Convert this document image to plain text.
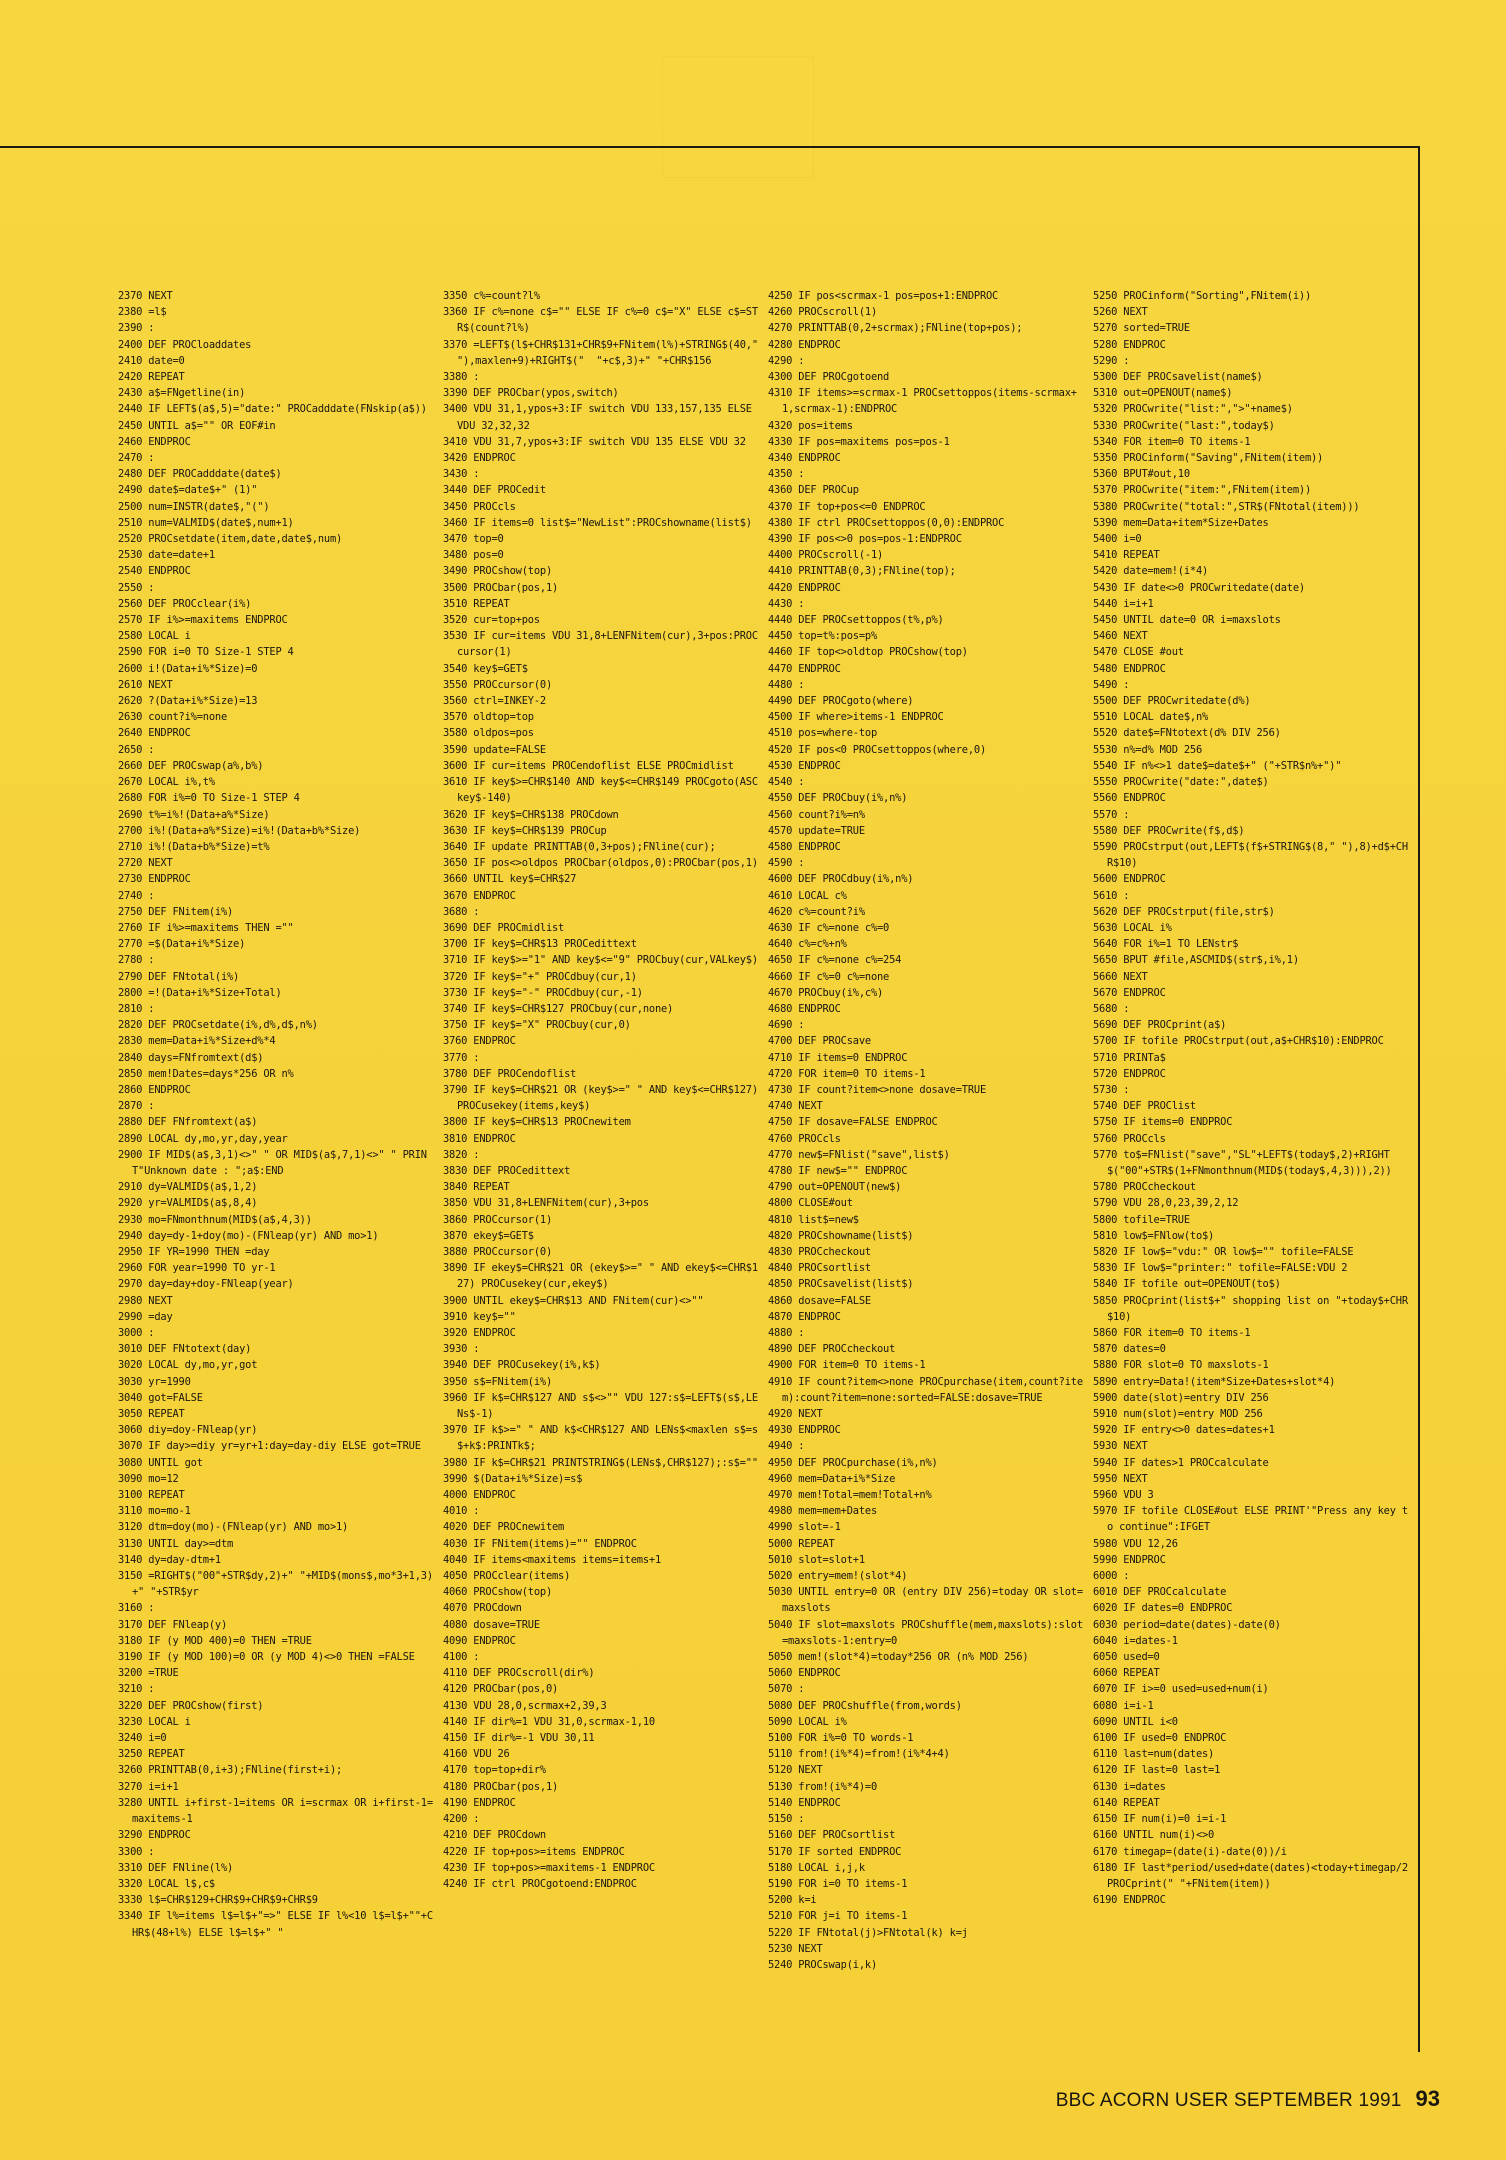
2370 NEXT
2380 =l$
2390 :
2400 DEF PROCloaddates
2410 date=0
2420 REPEAT
2430 a$=FNgetline(in)
2440 IF LEFT$(a$,5)="date:" PROCadddate(FNskip(a$))
2450 UNTIL a$="" OR EOF#in
2460 ENDPROC
2470 :
2480 DEF PROCadddate(date$)
2490 date$=date$+" (1)"
2500 num=INSTR(date$,"(")
2510 num=VALMID$(date$,num+1)
2520 PROCsetdate(item,date,date$,num)
2530 date=date+1
2540 ENDPROC
2550 :
2560 DEF PROCclear(i%)
2570 IF i%>=maxitems ENDPROC
2580 LOCAL i
2590 FOR i=0 TO Size-1 STEP 4
2600 i!(Data+i%*Size)=0
2610 NEXT
2620 ?(Data+i%*Size)=13
2630 count?i%=none
2640 ENDPROC
2650 :
2660 DEF PROCswap(a%,b%)
2670 LOCAL i%,t%
2680 FOR i%=0 TO Size-1 STEP 4
2690 t%=i%!(Data+a%*Size)
2700 i%!(Data+a%*Size)=i%!(Data+b%*Size)
2710 i%!(Data+b%*Size)=t%
2720 NEXT
2730 ENDPROC
2740 :
2750 DEF FNitem(i%)
2760 IF i%>=maxitems THEN =""
2770 =$(Data+i%*Size)
2780 :
2790 DEF FNtotal(i%)
2800 =!(Data+i%*Size+Total)
2810 :
2820 DEF PROCsetdate(i%,d%,d$,n%)
2830 mem=Data+i%*Size+d%*4
2840 days=FNfromtext(d$)
2850 mem!Dates=days*256 OR n%
2860 ENDPROC
2870 :
2880 DEF FNfromtext(a$)
2890 LOCAL dy,mo,yr,day,year
2900 IF MID$(a$,3,1)<>" " OR MID$(a$,7,1)<>" " PRINT"Unknown date : ";a$:END
2910 dy=VALMID$(a$,1,2)
2920 yr=VALMID$(a$,8,4)
2930 mo=FNmonthnum(MID$(a$,4,3))
2940 day=dy-1+doy(mo)-(FNleap(yr) AND mo>1)
2950 IF YR=1990 THEN =day
2960 FOR year=1990 TO yr-1
2970 day=day+doy-FNleap(year)
2980 NEXT
2990 =day
3000 :
3010 DEF FNtotext(day)
3020 LOCAL dy,mo,yr,got
3030 yr=1990
3040 got=FALSE
3050 REPEAT
3060 diy=doy-FNleap(yr)
3070 IF day>=diy yr=yr+1:day=day-diy ELSE got=TRUE
3080 UNTIL got
3090 mo=12
3100 REPEAT
3110 mo=mo-1
3120 dtm=doy(mo)-(FNleap(yr) AND mo>1)
3130 UNTIL day>=dtm
3140 dy=day-dtm+1
3150 =RIGHT$("00"+STR$dy,2)+" "+MID$(mons$,mo*3+1,3)+" "+STR$yr
3160 :
3170 DEF FNleap(y)
3180 IF (y MOD 400)=0 THEN =TRUE
3190 IF (y MOD 100)=0 OR (y MOD 4)<>0 THEN =FALSE
3200 =TRUE
3210 :
3220 DEF PROCshow(first)
3230 LOCAL i
3240 i=0
3250 REPEAT
3260 PRINTTAB(0,i+3);FNline(first+i);
3270 i=i+1
3280 UNTIL i+first-1=items OR i=scrmax OR i+first-1=maxitems-1
3290 ENDPROC
3300 :
3310 DEF FNline(l%)
3320 LOCAL l$,c$
3330 l$=CHR$129+CHR$9+CHR$9+CHR$9
3340 IF l%=items l$=l$+"=>" ELSE IF l%<10 l$=l$+""+CHR$(48+l%) ELSE l$=l$+" "
3350 c%=count?l%
3360 IF c%=none c$="" ELSE IF c%=0 c$="X" ELSE c$=STR$(count?l%)
3370 =LEFT$(l$+CHR$131+CHR$9+FNitem(l%)+STRING$(40," "),maxlen+9)+RIGHT$("  "+c$,3)+" "+CHR$156
3380 :
3390 DEF PROCbar(ypos,switch)
3400 VDU 31,1,ypos+3:IF switch VDU 133,157,135 ELSE VDU 32,32,32
3410 VDU 31,7,ypos+3:IF switch VDU 135 ELSE VDU 32
3420 ENDPROC
3430 :
3440 DEF PROCedit
3450 PROCcls
3460 IF items=0 list$="NewList":PROCshowname(list$)
3470 top=0
3480 pos=0
3490 PROCshow(top)
3500 PROCbar(pos,1)
3510 REPEAT
3520 cur=top+pos
3530 IF cur=items VDU 31,8+LENFNitem(cur),3+pos:PROCcursor(1)
3540 key$=GET$
3550 PROCcursor(0)
3560 ctrl=INKEY-2
3570 oldtop=top
3580 oldpos=pos
3590 update=FALSE
3600 IF cur=items PROCendoflist ELSE PROCmidlist
3610 IF key$>=CHR$140 AND key$<=CHR$149 PROCgoto(ASCkey$-140)
3620 IF key$=CHR$138 PROCdown
3630 IF key$=CHR$139 PROCup
3640 IF update PRINTTAB(0,3+pos);FNline(cur);
3650 IF pos<>oldpos PROCbar(oldpos,0):PROCbar(pos,1)
3660 UNTIL key$=CHR$27
3670 ENDPROC
3680 :
3690 DEF PROCmidlist
3700 IF key$=CHR$13 PROCedittext
3710 IF key$>="1" AND key$<="9" PROCbuy(cur,VALkey$)
3720 IF key$="+" PROCdbuy(cur,1)
3730 IF key$="-" PROCdbuy(cur,-1)
3740 IF key$=CHR$127 PROCbuy(cur,none)
3750 IF key$="X" PROCbuy(cur,0)
3760 ENDPROC
3770 :
3780 DEF PROCendoflist
3790 IF key$=CHR$21 OR (key$>=" " AND key$<=CHR$127) PROCusekey(items,key$)
3800 IF key$=CHR$13 PROCnewitem
3810 ENDPROC
3820 :
3830 DEF PROCedittext
3840 REPEAT
3850 VDU 31,8+LENFNitem(cur),3+pos
3860 PROCcursor(1)
3870 ekey$=GET$
3880 PROCcursor(0)
3890 IF ekey$=CHR$21 OR (ekey$>=" " AND ekey$<=CHR$127) PROCusekey(cur,ekey$)
3900 UNTIL ekey$=CHR$13 AND FNitem(cur)<>""
3910 key$=""
3920 ENDPROC
3930 :
3940 DEF PROCusekey(i%,k$)
3950 s$=FNitem(i%)
3960 IF k$=CHR$127 AND s$<>"" VDU 127:s$=LEFT$(s$,LENs$-1)
3970 IF k$>=" " AND k$<CHR$127 AND LENs$<maxlen s$=s$+k$:PRINTk$;
3980 IF k$=CHR$21 PRINTSTRING$(LENs$,CHR$127);:s$=""
3990 $(Data+i%*Size)=s$
4000 ENDPROC
4010 :
4020 DEF PROCnewitem
4030 IF FNitem(items)="" ENDPROC
4040 IF items<maxitems items=items+1
4050 PROCclear(items)
4060 PROCshow(top)
4070 PROCdown
4080 dosave=TRUE
4090 ENDPROC
4100 :
4110 DEF PROCscroll(dir%)
4120 PROCbar(pos,0)
4130 VDU 28,0,scrmax+2,39,3
4140 IF dir%=1 VDU 31,0,scrmax-1,10
4150 IF dir%=-1 VDU 30,11
4160 VDU 26
4170 top=top+dir%
4180 PROCbar(pos,1)
4190 ENDPROC
4200 :
4210 DEF PROCdown
4220 IF top+pos>=items ENDPROC
4230 IF top+pos>=maxitems-1 ENDPROC
4240 IF ctrl PROCgotoend:ENDPROC
4250 IF pos<scrmax-1 pos=pos+1:ENDPROC
4260 PROCscroll(1)
4270 PRINTTAB(0,2+scrmax);FNline(top+pos);
4280 ENDPROC
4290 :
4300 DEF PROCgotoend
4310 IF items>=scrmax-1 PROCsettoppos(items-scrmax+1,scrmax-1):ENDPROC
4320 pos=items
4330 IF pos=maxitems pos=pos-1
4340 ENDPROC
4350 :
4360 DEF PROCup
4370 IF top+pos<=0 ENDPROC
4380 IF ctrl PROCsettoppos(0,0):ENDPROC
4390 IF pos<>0 pos=pos-1:ENDPROC
4400 PROCscroll(-1)
4410 PRINTTAB(0,3);FNline(top);
4420 ENDPROC
4430 :
4440 DEF PROCsettoppos(t%,p%)
4450 top=t%:pos=p%
4460 IF top<>oldtop PROCshow(top)
4470 ENDPROC
4480 :
4490 DEF PROCgoto(where)
4500 IF where>items-1 ENDPROC
4510 pos=where-top
4520 IF pos<0 PROCsettoppos(where,0)
4530 ENDPROC
4540 :
4550 DEF PROCbuy(i%,n%)
4560 count?i%=n%
4570 update=TRUE
4580 ENDPROC
4590 :
4600 DEF PROCdbuy(i%,n%)
4610 LOCAL c%
4620 c%=count?i%
4630 IF c%=none c%=0
4640 c%=c%+n%
4650 IF c%=none c%=254
4660 IF c%=0 c%=none
4670 PROCbuy(i%,c%)
4680 ENDPROC
4690 :
4700 DEF PROCsave
4710 IF items=0 ENDPROC
4720 FOR item=0 TO items-1
4730 IF count?item<>none dosave=TRUE
4740 NEXT
4750 IF dosave=FALSE ENDPROC
4760 PROCcls
4770 new$=FNlist("save",list$)
4780 IF new$="" ENDPROC
4790 out=OPENOUT(new$)
4800 CLOSE#out
4810 list$=new$
4820 PROCshowname(list$)
4830 PROCcheckout
4840 PROCsortlist
4850 PROCsavelist(list$)
4860 dosave=FALSE
4870 ENDPROC
4880 :
4890 DEF PROCcheckout
4900 FOR item=0 TO items-1
4910 IF count?item<>none PROCpurchase(item,count?item):count?item=none:sorted=FALSE:dosave=TRUE
4920 NEXT
4930 ENDPROC
4940 :
4950 DEF PROCpurchase(i%,n%)
4960 mem=Data+i%*Size
4970 mem!Total=mem!Total+n%
4980 mem=mem+Dates
4990 slot=-1
5000 REPEAT
5010 slot=slot+1
5020 entry=mem!(slot*4)
5030 UNTIL entry=0 OR (entry DIV 256)=today OR slot=maxslots
5040 IF slot=maxslots PROCshuffle(mem,maxslots):slot=maxslots-1:entry=0
5050 mem!(slot*4)=today*256 OR (n% MOD 256)
5060 ENDPROC
5070 :
5080 DEF PROCshuffle(from,words)
5090 LOCAL i%
5100 FOR i%=0 TO words-1
5110 from!(i%*4)=from!(i%*4+4)
5120 NEXT
5130 from!(i%*4)=0
5140 ENDPROC
5150 :
5160 DEF PROCsortlist
5170 IF sorted ENDPROC
5180 LOCAL i,j,k
5190 FOR i=0 TO items-1
5200 k=i
5210 FOR j=i TO items-1
5220 IF FNtotal(j)>FNtotal(k) k=j
5230 NEXT
5240 PROCswap(i,k)
5250 PROCinform("Sorting",FNitem(i))
5260 NEXT
5270 sorted=TRUE
5280 ENDPROC
5290 :
5300 DEF PROCsavelist(name$)
5310 out=OPENOUT(name$)
5320 PROCwrite("list:",">"+name$)
5330 PROCwrite("last:",today$)
5340 FOR item=0 TO items-1
5350 PROCinform("Saving",FNitem(item))
5360 BPUT#out,10
5370 PROCwrite("item:",FNitem(item))
5380 PROCwrite("total:",STR$(FNtotal(item)))
5390 mem=Data+item*Size+Dates
5400 i=0
5410 REPEAT
5420 date=mem!(i*4)
5430 IF date<>0 PROCwritedate(date)
5440 i=i+1
5450 UNTIL date=0 OR i=maxslots
5460 NEXT
5470 CLOSE #out
5480 ENDPROC
5490 :
5500 DEF PROCwritedate(d%)
5510 LOCAL date$,n%
5520 date$=FNtotext(d% DIV 256)
5530 n%=d% MOD 256
5540 IF n%<>1 date$=date$+" ("+STR$n%+")"
5550 PROCwrite("date:",date$)
5560 ENDPROC
5570 :
5580 DEF PROCwrite(f$,d$)
5590 PROCstrput(out,LEFT$(f$+STRING$(8," "),8)+d$+CHR$10)
5600 ENDPROC
5610 :
5620 DEF PROCstrput(file,str$)
5630 LOCAL i%
5640 FOR i%=1 TO LENstr$
5650 BPUT #file,ASCMID$(str$,i%,1)
5660 NEXT
5670 ENDPROC
5680 :
5690 DEF PROCprint(a$)
5700 IF tofile PROCstrput(out,a$+CHR$10):ENDPROC
5710 PRINTa$
5720 ENDPROC
5730 :
5740 DEF PROClist
5750 IF items=0 ENDPROC
5760 PROCcls
5770 to$=FNlist("save","SL"+LEFT$(today$,2)+RIGHT$("00"+STR$(1+FNmonthnum(MID$(today$,4,3))),2))
5780 PROCcheckout
5790 VDU 28,0,23,39,2,12
5800 tofile=TRUE
5810 low$=FNlow(to$)
5820 IF low$="vdu:" OR low$="" tofile=FALSE
5830 IF low$="printer:" tofile=FALSE:VDU 2
5840 IF tofile out=OPENOUT(to$)
5850 PROCprint(list$+" shopping list on "+today$+CHR$10)
5860 FOR item=0 TO items-1
5870 dates=0
5880 FOR slot=0 TO maxslots-1
5890 entry=Data!(item*Size+Dates+slot*4)
5900 date(slot)=entry DIV 256
5910 num(slot)=entry MOD 256
5920 IF entry<>0 dates=dates+1
5930 NEXT
5940 IF dates>1 PROCcalculate
5950 NEXT
5960 VDU 3
5970 IF tofile CLOSE#out ELSE PRINT'"Press any key to continue":IFGET
5980 VDU 12,26
5990 ENDPROC
6000 :
6010 DEF PROCcalculate
6020 IF dates=0 ENDPROC
6030 period=date(dates)-date(0)
6040 i=dates-1
6050 used=0
6060 REPEAT
6070 IF i>=0 used=used+num(i)
6080 i=i-1
6090 UNTIL i<0
6100 IF used=0 ENDPROC
6110 last=num(dates)
6120 IF last=0 last=1
6130 i=dates
6140 REPEAT
6150 IF num(i)=0 i=i-1
6160 UNTIL num(i)<>0
6170 timegap=(date(i)-date(0))/i
6180 IF last*period/used+date(dates)<today+timegap/2 PROCprint(" "+FNitem(item))
6190 ENDPROC
BBC ACORN USER SEPTEMBER 1991 93
